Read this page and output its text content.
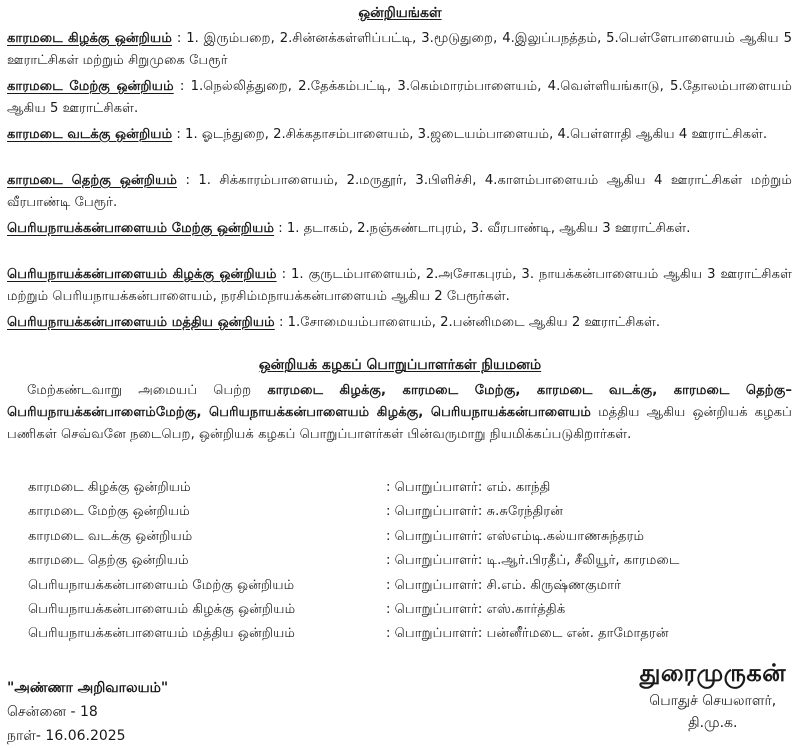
ஒன்றியங்கள்
காரமடை கிழக்கு ஒன்றியம் : 1. இரும்பறை, 2.சின்னக்கள்ளிப்பட்டி, 3.மூடுதுறை, 4.இலுப்பநத்தம், 5.பெள்ளேபாளையம் ஆகிய 5 ஊராட்சிகள் மற்றும் சிறுமுகை பேரூர்
காரமடை மேற்கு ஒன்றியம் : 1.நெல்லித்துறை, 2.தேக்கம்பட்டி, 3.கெம்மாரம்பாளையம், 4.வெள்ளியங்காடு, 5.தோலம்பாளையம் ஆகிய 5 ஊராட்சிகள்.
காரமடை வடக்கு ஒன்றியம் : 1. ஓடந்துறை, 2.சிக்கதாசம்பாளையம், 3.ஜடையம்பாளையம், 4.பெள்ளாதி ஆகிய 4 ஊராட்சிகள்.
காரமடை தெற்கு ஒன்றியம் : 1. சிக்காரம்பாளையம், 2.மருதூர், 3.பிளிச்சி, 4.காளம்பாளையம் ஆகிய 4 ஊராட்சிகள் மற்றும் வீரபாண்டி பேரூர்.
பெரியநாயக்கன்பாளையம் மேற்கு ஒன்றியம் : 1. தடாகம், 2.நஞ்சுண்டாபுரம், 3. வீரபாண்டி, ஆகிய 3 ஊராட்சிகள்.
பெரியநாயக்கன்பாளையம் கிழக்கு ஒன்றியம் : 1. குருடம்பாளையம், 2.அசோகபுரம், 3. நாயக்கன்பாளையம் ஆகிய 3 ஊராட்சிகள் மற்றும் பெரியநாயக்கன்பாளையம், நரசிம்மநாயக்கன்பாளையம் ஆகிய 2 பேரூர்கள்.
பெரியநாயக்கன்பாளையம் மத்திய ஒன்றியம் : 1.சோமையம்பாளையம், 2.பன்னிமடை ஆகிய 2 ஊராட்சிகள்.
ஒன்றியக் கழகப் பொறுப்பாளர்கள் நியமனம்
மேற்கண்டவாறு அமையப் பெற்ற காரமடை கிழக்கு, காரமடை மேற்கு, காரமடை வடக்கு, காரமடை தெற்கு– பெரியநாயக்கன்பாளைம்மேற்கு, பெரியநாயக்கன்பாளையம் கிழக்கு, பெரியநாயக்கன்பாளையம் மத்திய ஆகிய ஒன்றியக் கழகப் பணிகள் செவ்வனே நடைபெற, ஒன்றியக் கழகப் பொறுப்பாளர்கள் பின்வருமாறு நியமிக்கப்படுகிறார்கள்.
காரமடை கிழக்கு ஒன்றியம்	: பொறுப்பாளர்: எம். காந்தி
காரமடை மேற்கு ஒன்றியம்	: பொறுப்பாளர்: சு.சுரேந்திரன்
காரமடை வடக்கு ஒன்றியம்	: பொறுப்பாளர்: எஸ்எம்டி.கல்யாணசுந்தரம்
காரமடை தெற்கு ஒன்றியம்	: பொறுப்பாளர்: டி.ஆர்.பிரதீப், சீலியூர், காரமடை
பெரியநாயக்கன்பாளையம் மேற்கு ஒன்றியம்	: பொறுப்பாளர்: சி.எம். கிருஷ்ணகுமார்
பெரியநாயக்கன்பாளையம் கிழக்கு ஒன்றியம்	: பொறுப்பாளர்: எஸ்.கார்த்திக்
பெரியநாயக்கன்பாளையம் மத்திய ஒன்றியம்	: பொறுப்பாளர்: பன்னீர்மடை என். தாமோதரன்
"அண்ணா அறிவாலயம்"
சென்னை - 18
நாள்- 16.06.2025
துரைமுருகன்
பொதுச் செயலாளர்,
தி.மு.க.
